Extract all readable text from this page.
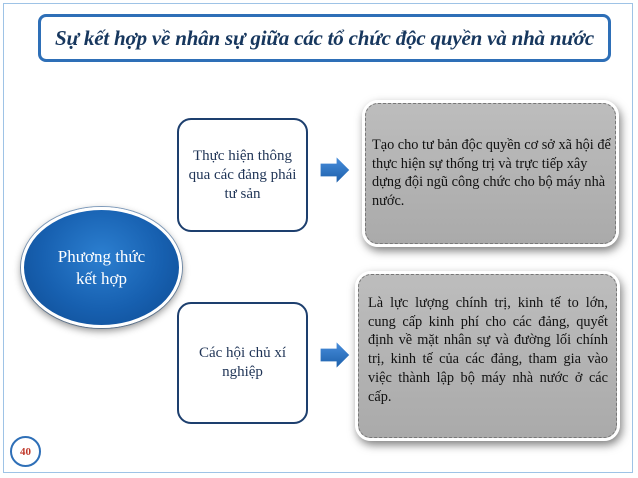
Sự kết hợp về nhân sự giữa các tổ chức độc quyền và nhà nước
Phương thức kết hợp
Thực hiện thông qua các đảng phái tư sản
Các hội chủ xí nghiệp
Tạo cho tư bản độc quyền cơ sở xã hội để thực hiện sự thống trị và trực tiếp xây dựng đội ngũ công chức cho bộ máy nhà nước.
Là lực lượng chính trị, kinh tế to lớn, cung cấp kinh phí cho các đảng, quyết định về mặt nhân sự và đường lối chính trị, kinh tế của các đảng, tham gia vào việc thành lập bộ máy nhà nước ở các cấp.
40
